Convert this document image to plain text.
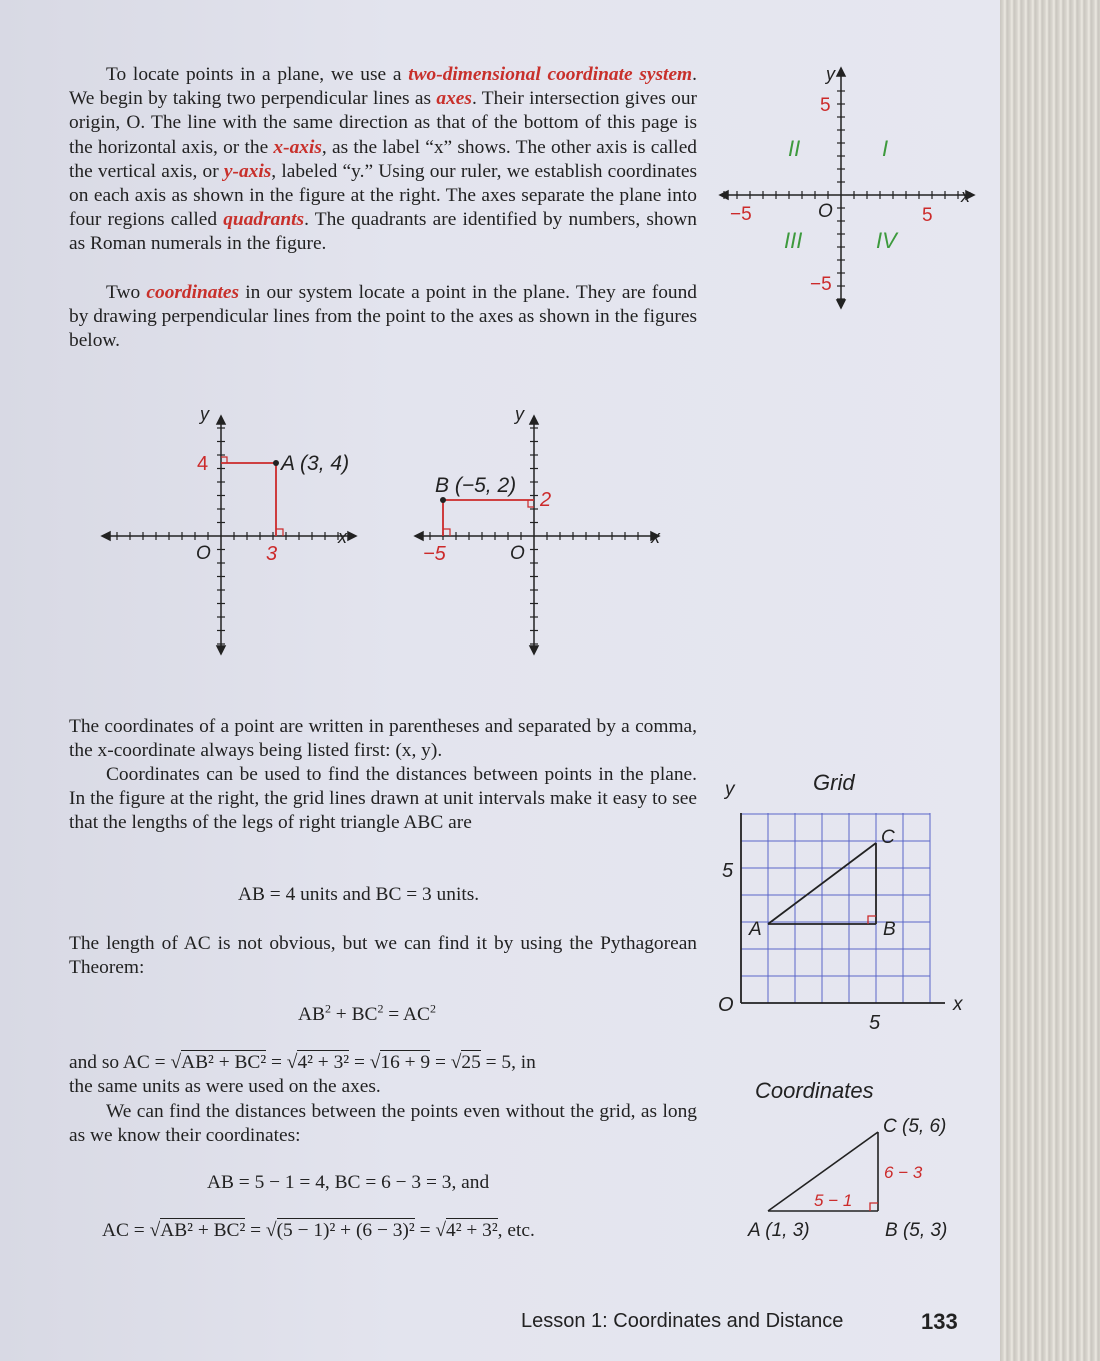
To locate points in a plane, we use a two-dimensional coordinate system. We begin by taking two perpendicular lines as axes. Their intersection gives our origin, O. The line with the same direction as that of the bottom of this page is the horizontal axis, or the x-axis, as the label “x” shows. The other axis is called the vertical axis, or y-axis, labeled “y.” Using our ruler, we establish coordinates on each axis as shown in the figure at the right. The axes separate the plane into four regions called quadrants. The quadrants are identified by numbers, shown as Roman numerals in the figure.
Two coordinates in our system locate a point in the plane. They are found by drawing perpendicular lines from the point to the axes as shown in the figures below.
y
x
O
5
5
−5
−5
I
II
III	IV
y
x
O
4
3
A (3, 4)
y
x
O
2
−5
B (−5, 2)
The coordinates of a point are written in parentheses and separated by a comma, the x-coordinate always being listed first: (x, y).
Coordinates can be used to find the distances between points in the plane. In the figure at the right, the grid lines drawn at unit intervals make it easy to see that the lengths of the legs of right triangle ABC are
AB = 4 units and BC = 3 units.
The length of AC is not obvious, but we can find it by using the Pythagorean Theorem:
$AB^2 + BC^2 = AC^2$
and so AC = √AB² + BC² = √4² + 3² = √16 + 9 = √25 = 5, in
the same units as were used on the axes.
We can find the distances between the points even without the grid, as long as we know their coordinates:
AB = 5 − 1 = 4, BC = 6 − 3 = 3, and
AC = √AB² + BC² = √(5 − 1)² + (6 − 3)² = √4² + 3², etc.
Grid
y
x
O
5
5
A	B
C
Coordinates
A (1, 3)	B (5, 3)
C (5, 6)
5 − 1
6 − 3
Lesson 1: Coordinates and Distance	133
